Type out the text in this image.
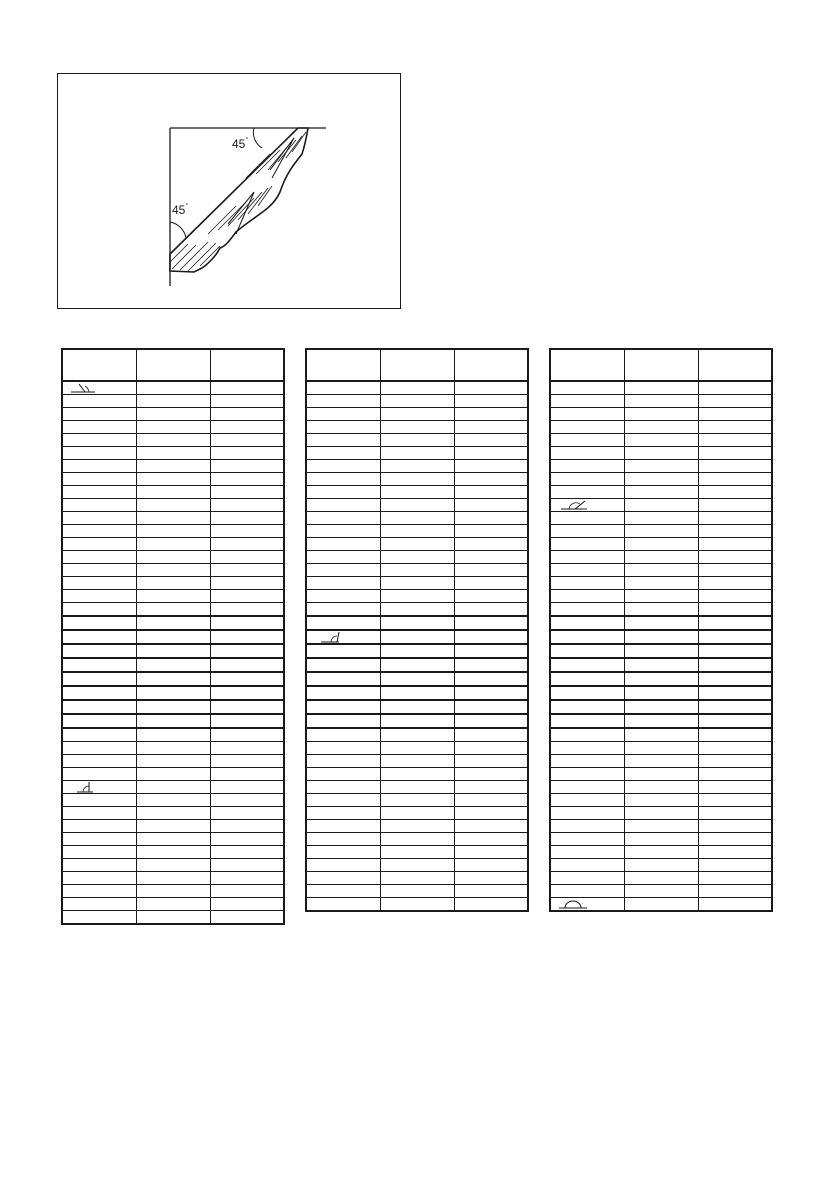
45°
45°
